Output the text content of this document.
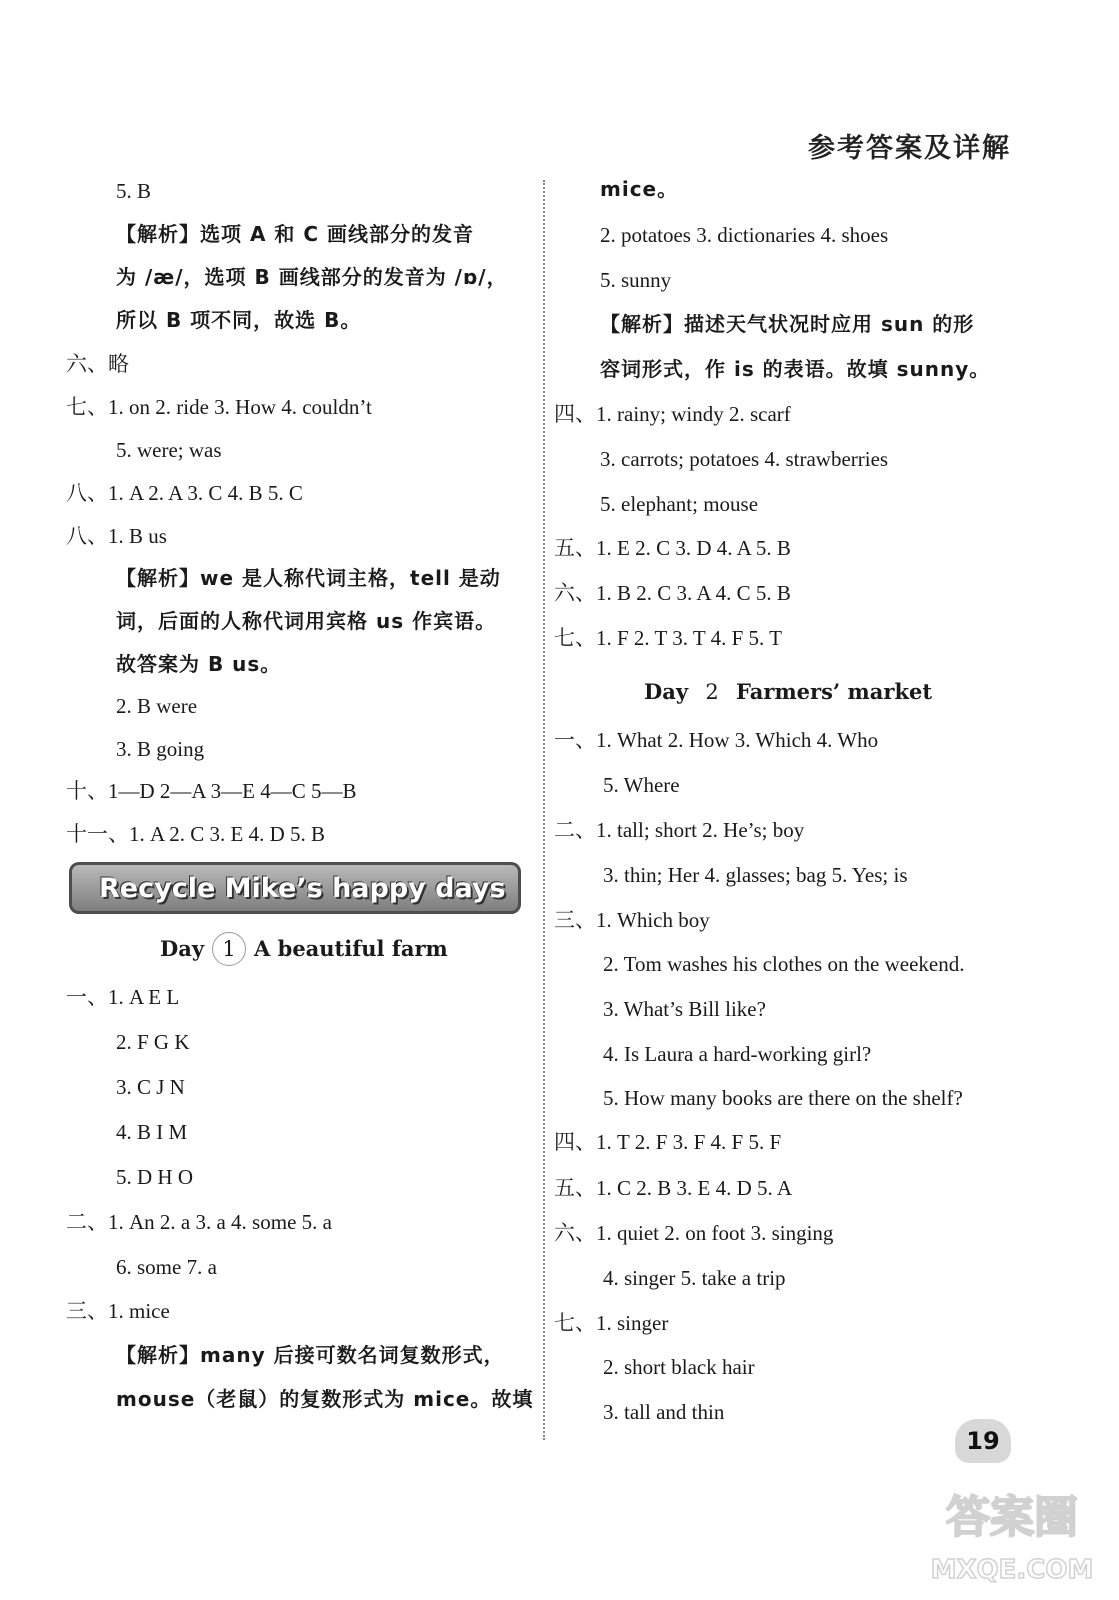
参考答案及详解
5. B
【解析】选项 A 和 C 画线部分的发音
为 /æ/，选项 B 画线部分的发音为 /ɒ/，
所以 B 项不同，故选 B。
六、略
七、1. on 2. ride 3. How 4. couldn’t
5. were; was
八、1. A 2. A 3. C 4. B 5. C
八、1. B us
【解析】we 是人称代词主格，tell 是动
词，后面的人称代词用宾格 us 作宾语。
故答案为 B us。
2. B were
3. B going
十、1—D 2—A 3—E 4—C 5—B
十一、1. A 2. C 3. E 4. D 5. B
Recycle Mike’s happy days
Day 1 A beautiful farm
一、1. A E L
2. F G K
3. C J N
4. B I M
5. D H O
二、1. An 2. a 3. a 4. some 5. a
6. some 7. a
三、1. mice
【解析】many 后接可数名词复数形式，
mouse（老鼠）的复数形式为 mice。故填
mice。
2. potatoes 3. dictionaries 4. shoes
5. sunny
【解析】描述天气状况时应用 sun 的形
容词形式，作 is 的表语。故填 sunny。
四、1. rainy; windy 2. scarf
3. carrots; potatoes 4. strawberries
5. elephant; mouse
五、1. E 2. C 3. D 4. A 5. B
六、1. B 2. C 3. A 4. C 5. B
七、1. F 2. T 3. T 4. F 5. T
Day 2 Farmers’ market
一、1. What 2. How 3. Which 4. Who
5. Where
二、1. tall; short 2. He’s; boy
3. thin; Her 4. glasses; bag 5. Yes; is
三、1. Which boy
2. Tom washes his clothes on the weekend.
3. What’s Bill like?
4. Is Laura a hard-working girl?
5. How many books are there on the shelf?
四、1. T 2. F 3. F 4. F 5. F
五、1. C 2. B 3. E 4. D 5. A
六、1. quiet 2. on foot 3. singing
4. singer 5. take a trip
七、1. singer
2. short black hair
3. tall and thin
19
答案圈
MXQE.COM
